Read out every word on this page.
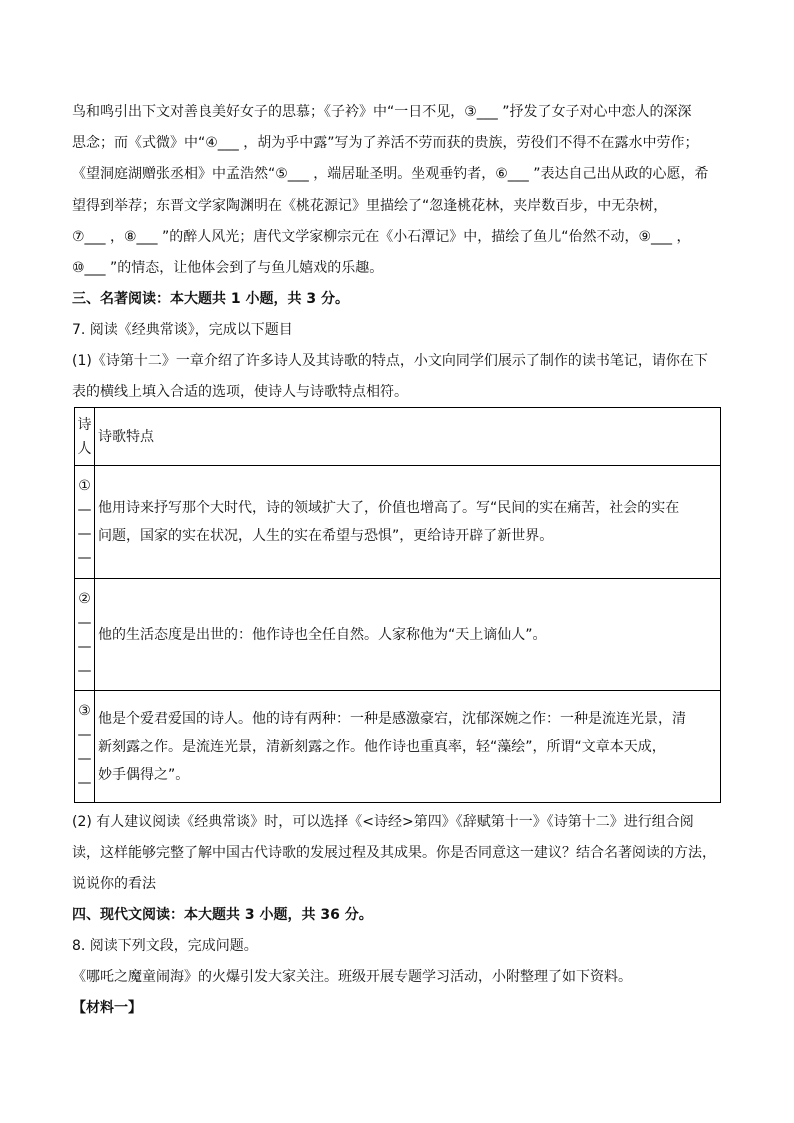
鸟和鸣引出下文对善良美好女子的思慕；《子衿》中“一日不见，③___ ”抒发了女子对心中恋人的深深
思念；而《式微》中“④___ ，胡为乎中露”写为了养活不劳而获的贵族，劳役们不得不在露水中劳作；
《望洞庭湖赠张丞相》中孟浩然“⑤___ ，端居耻圣明。坐观垂钓者，⑥___ ”表达自己出从政的心愿，希
望得到举荐；东晋文学家陶渊明在《桃花源记》里描绘了“忽逢桃花林，夹岸数百步，中无杂树，
⑦___ ，⑧___ ”的醉人风光；唐代文学家柳宗元在《小石潭记》中，描绘了鱼儿“佁然不动，⑨___ ，
⑩___ ”的情态，让他体会到了与鱼儿嬉戏的乐趣。
三、名著阅读：本大题共 1 小题，共 3 分。
7. 阅读《经典常谈》，完成以下题目
(1)《诗第十二》一章介绍了许多诗人及其诗歌的特点，小文向同学们展示了制作的读书笔记，请你在下
表的横线上填入合适的选项，使诗人与诗歌特点相符。
诗
人	诗歌特点

①
—
—
—	他用诗来抒写那个大时代，诗的领域扩大了，价值也增高了。写“民间的实在痛苦，社会的实在
问题，国家的实在状况，人生的实在希望与恐惧”，更给诗开辟了新世界。

②
—
—
—	他的生活态度是出世的：他作诗也全任自然。人家称他为“天上谪仙人”。

③
—
—
—	他是个爱君爱国的诗人。他的诗有两种：一种是感激豪宕，沈郁深婉之作：一种是流连光景，清
新刻露之作。是流连光景，清新刻露之作。他作诗也重真率，轻“藻绘”，所谓“文章本天成，
妙手偶得之”。
(2) 有人建议阅读《经典常谈》时，可以选择《<诗经>第四》《辞赋第十一》《诗第十二》进行组合阅
读，这样能够完整了解中国古代诗歌的发展过程及其成果。你是否同意这一建议？结合名著阅读的方法，
说说你的看法
四、现代文阅读：本大题共 3 小题，共 36 分。
8. 阅读下列文段，完成问题。
《哪吒之魔童闹海》的火爆引发大家关注。班级开展专题学习活动，小附整理了如下资料。
【材料一】
